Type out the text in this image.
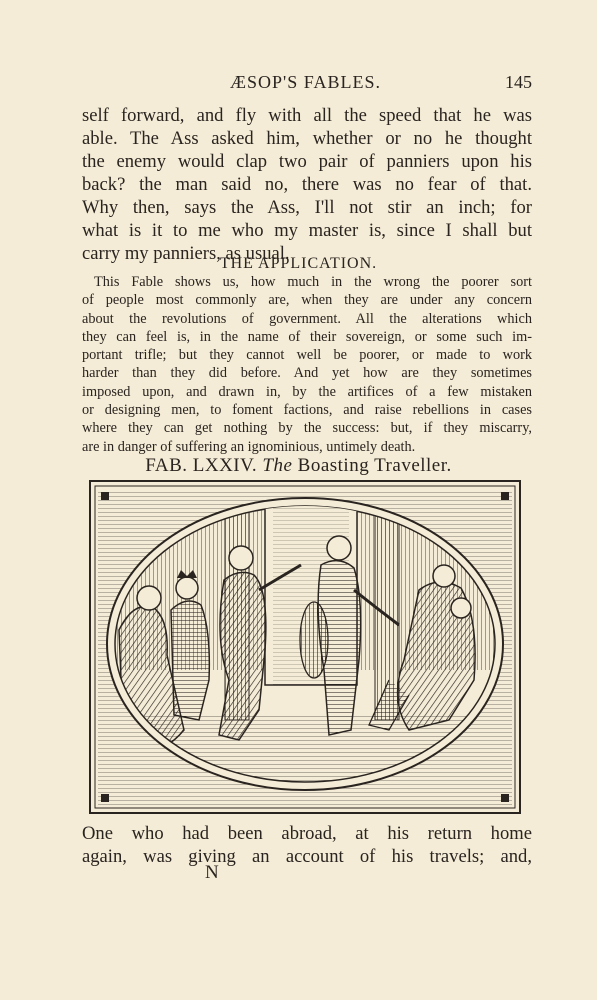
ÆSOP'S FABLES.	145
self forward, and fly with all the speed that he was
able. The Ass asked him, whether or no he thought
the enemy would clap two pair of panniers upon his
back? the man said no, there was no fear of that.
Why then, says the Ass, I'll not stir an inch; for
what is it to me who my master is, since I shall but
carry my panniers, as usual.
THE APPLICATION.
This Fable shows us, how much in the wrong the poorer sort
of people most commonly are, when they are under any concern
about the revolutions of government. All the alterations which
they can feel is, in the name of their sovereign, or some such im-
portant trifle; but they cannot well be poorer, or made to work
harder than they did before. And yet how are they sometimes
imposed upon, and drawn in, by the artifices of a few mistaken
or designing men, to foment factions, and raise rebellions in cases
where they can get nothing by the success: but, if they miscarry,
are in danger of suffering an ignominious, untimely death.
FAB. LXXIV. The Boasting Traveller.
One who had been abroad, at his return home
again, was giving an account of his travels; and,
N
